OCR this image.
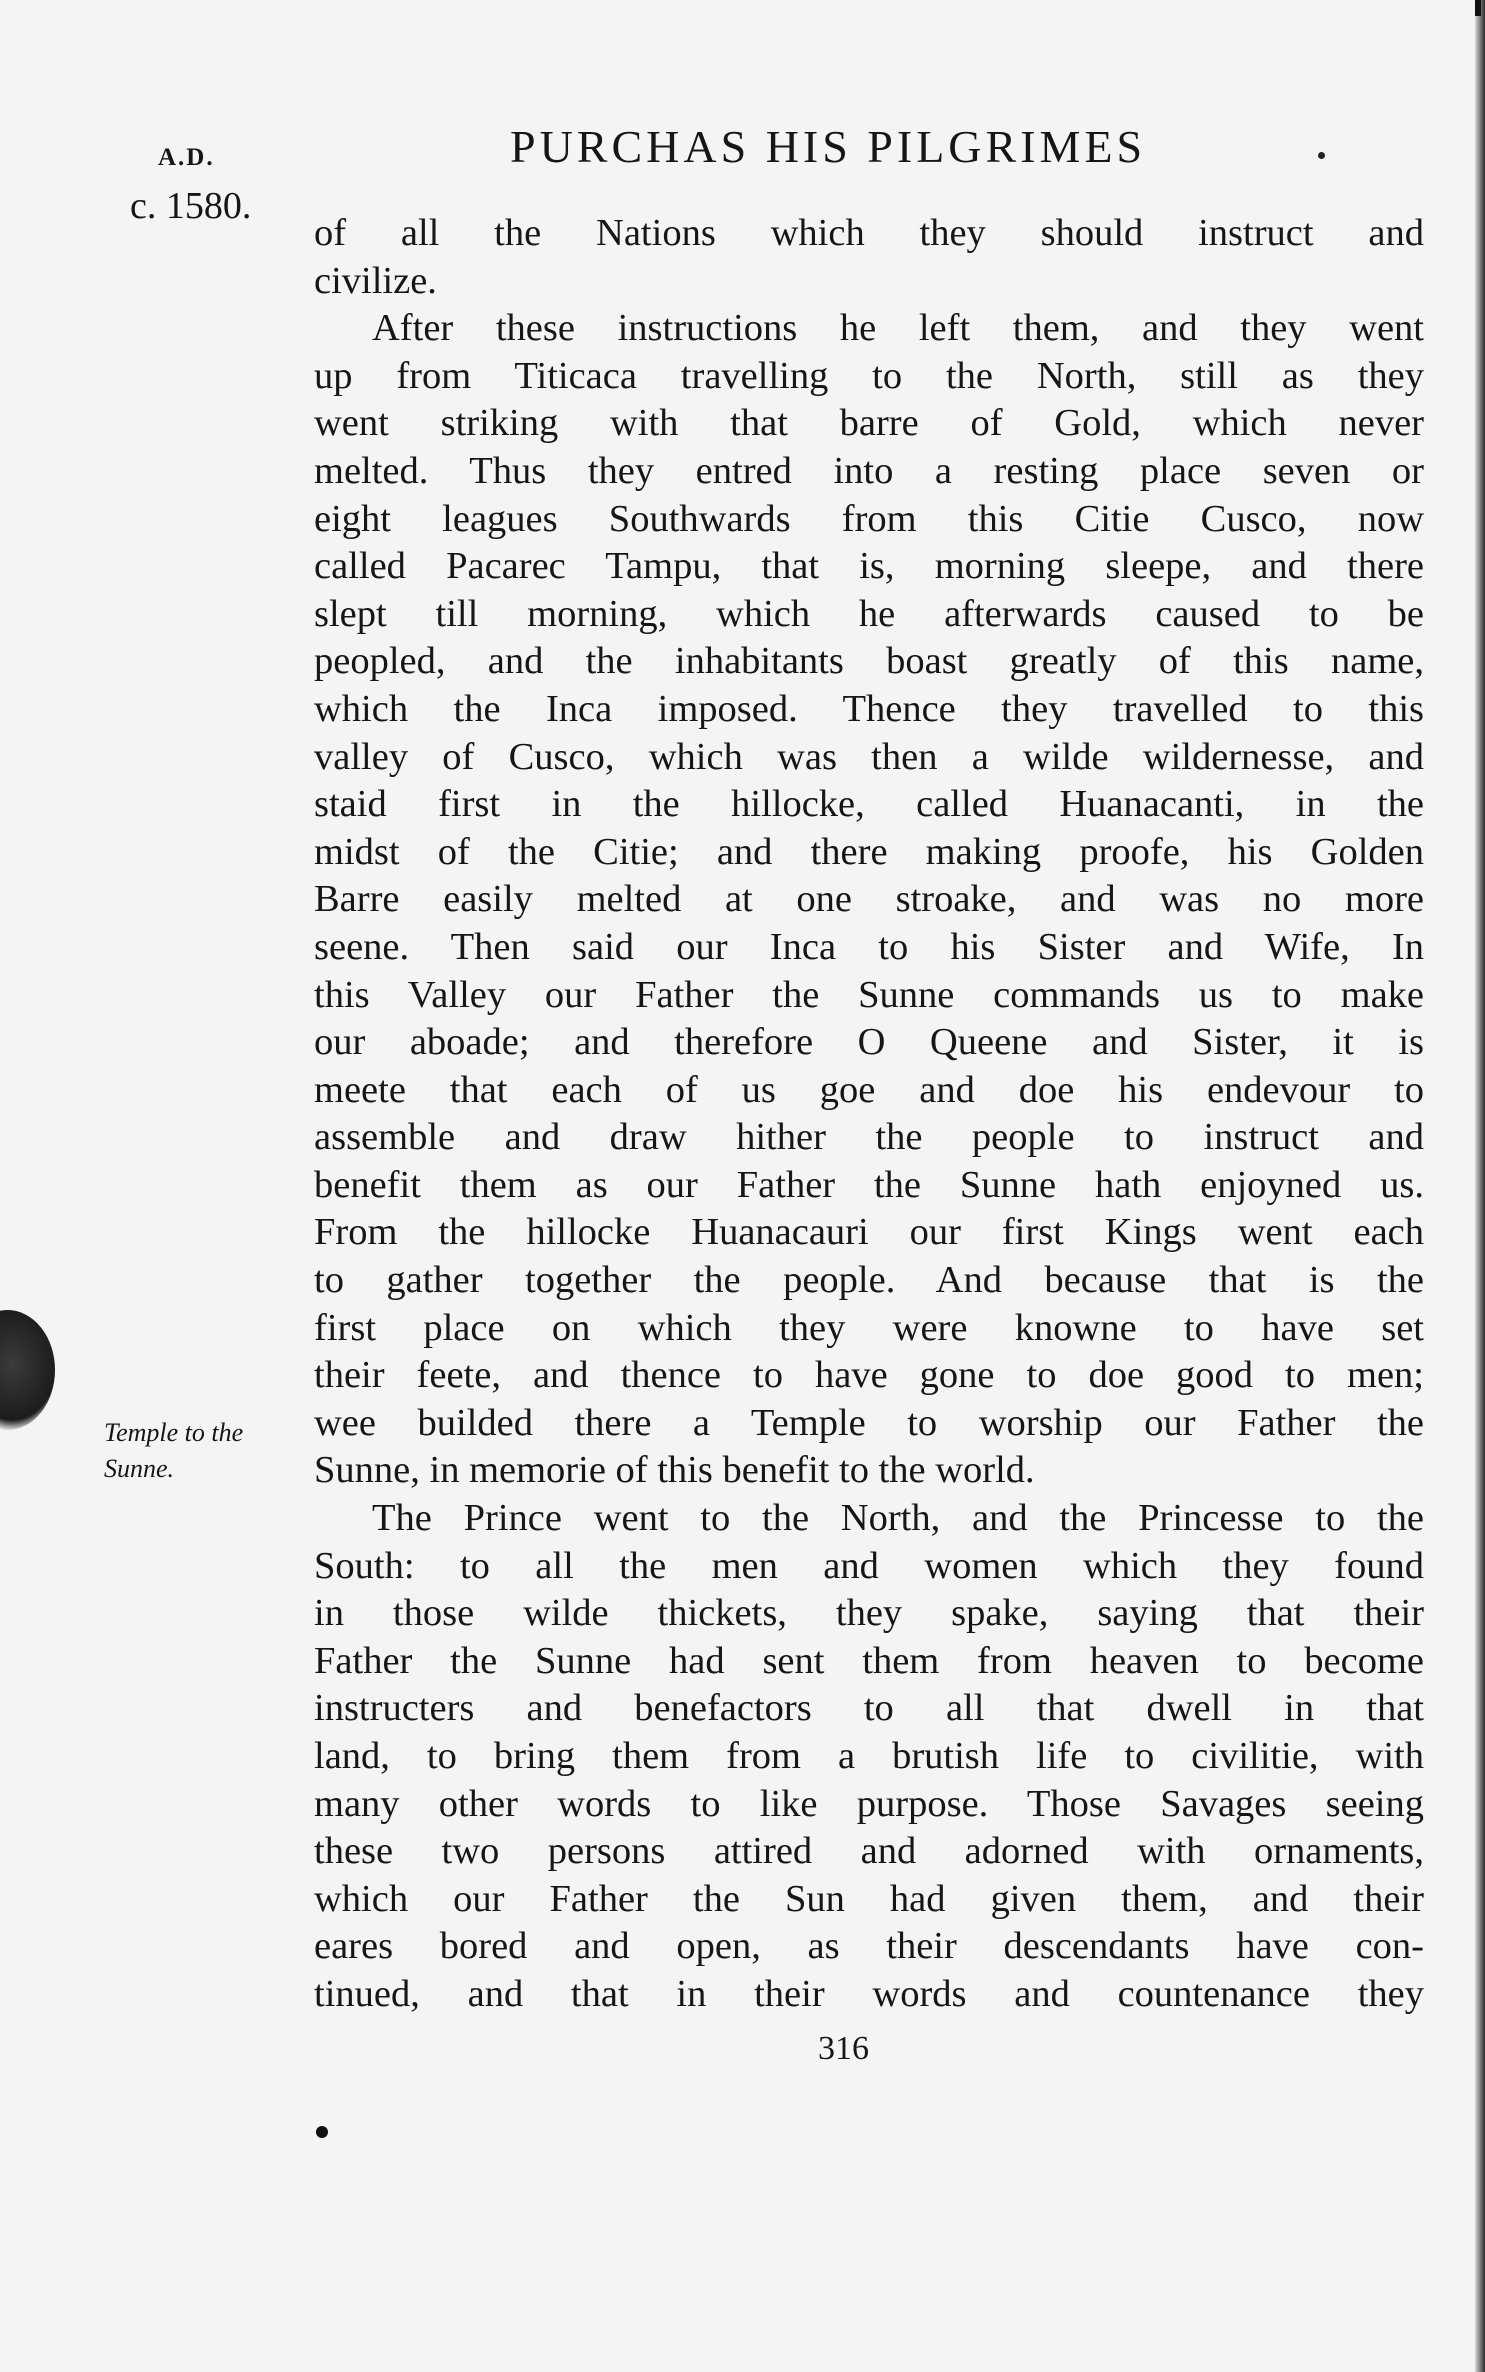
A.D.
c. 1580.
PURCHAS HIS PILGRIMES
Temple to the
Sunne.
of all the Nations which they should instruct and
civilize.
After these instructions he left them, and they went
up from Titicaca travelling to the North, still as they
went striking with that barre of Gold, which never
melted. Thus they entred into a resting place seven or
eight leagues Southwards from this Citie Cusco, now
called Pacarec Tampu, that is, morning sleepe, and there
slept till morning, which he afterwards caused to be
peopled, and the inhabitants boast greatly of this name,
which the Inca imposed. Thence they travelled to this
valley of Cusco, which was then a wilde wildernesse, and
staid first in the hillocke, called Huanacanti, in the
midst of the Citie; and there making proofe, his Golden
Barre easily melted at one stroake, and was no more
seene. Then said our Inca to his Sister and Wife, In
this Valley our Father the Sunne commands us to make
our aboade; and therefore O Queene and Sister, it is
meete that each of us goe and doe his endevour to
assemble and draw hither the people to instruct and
benefit them as our Father the Sunne hath enjoyned us.
From the hillocke Huanacauri our first Kings went each
to gather together the people. And because that is the
first place on which they were knowne to have set
their feete, and thence to have gone to doe good to men;
wee builded there a Temple to worship our Father the
Sunne, in memorie of this benefit to the world.
The Prince went to the North, and the Princesse to the
South: to all the men and women which they found
in those wilde thickets, they spake, saying that their
Father the Sunne had sent them from heaven to become
instructers and benefactors to all that dwell in that
land, to bring them from a brutish life to civilitie, with
many other words to like purpose. Those Savages seeing
these two persons attired and adorned with ornaments,
which our Father the Sun had given them, and their
eares bored and open, as their descendants have con-
tinued, and that in their words and countenance they
316
